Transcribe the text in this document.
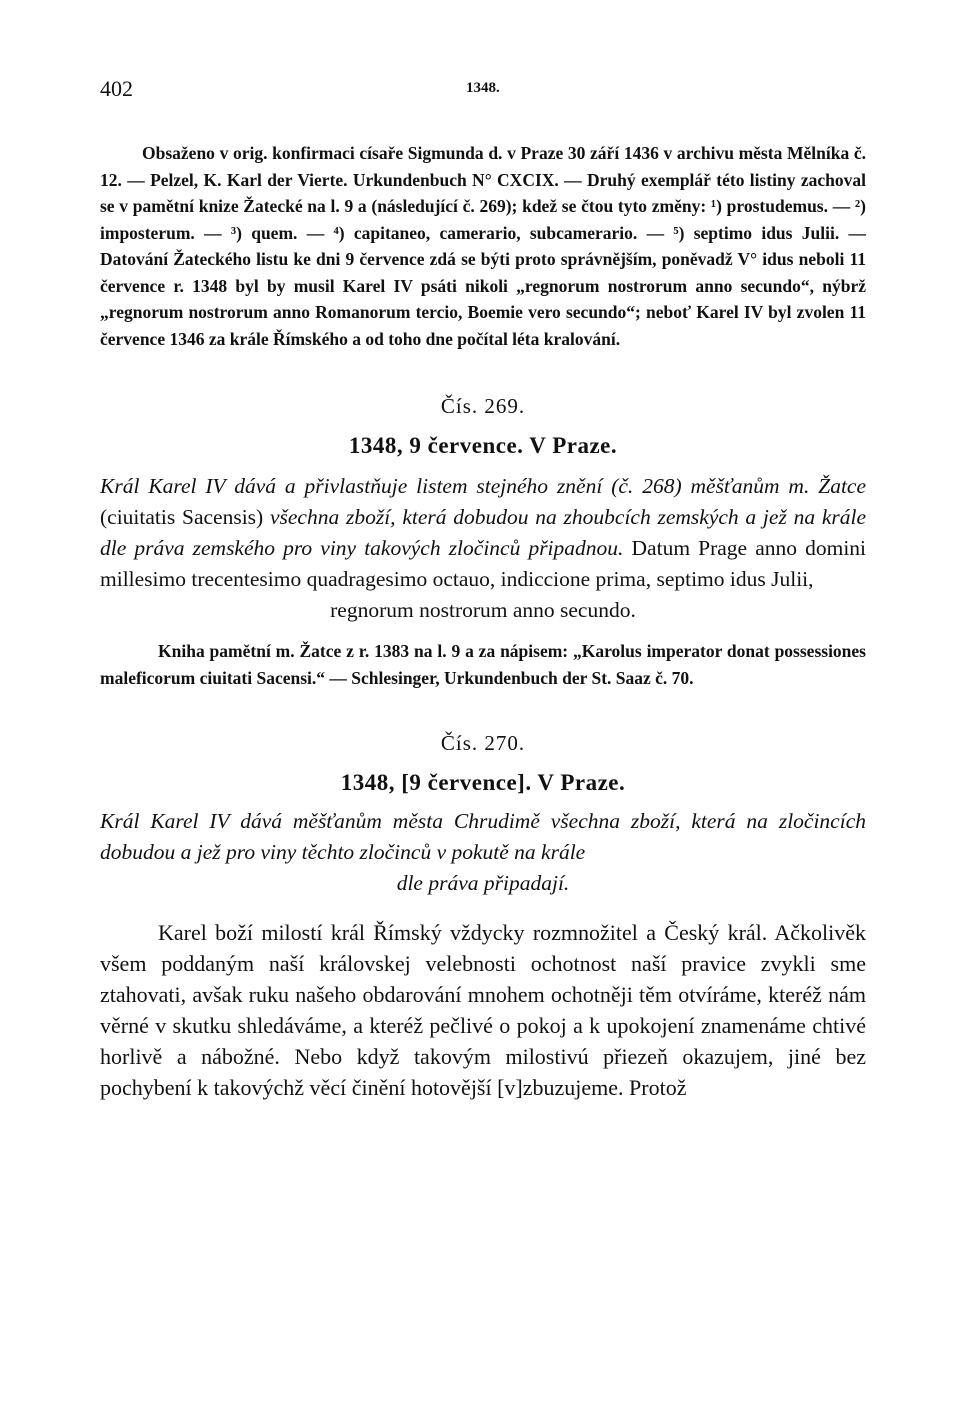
402	1348.

Obsaženo v orig. konfirmaci císaře Sigmunda d. v Praze 30 září 1436 v archivu města Mělníka č. 12. — Pelzel, K. Karl der Vierte. Urkundenbuch N° CXCIX. — Druhý exemplář této listiny zachoval se v pamětní knize Žatecké na l. 9 a (následující č. 269); kdež se čtou tyto změny: ¹) prostudemus. — ²) imposterum. — ³) quem. — ⁴) capitaneo, camerario, subcamerario. — ⁵) septimo idus Julii. — Datování Žateckého listu ke dni 9 července zdá se býti proto správnějším, poněvadž V° idus neboli 11 července r. 1348 byl by musil Karel IV psáti nikoli „regnorum nostrorum anno secundo“, nýbrž „regnorum nostrorum anno Romanorum tercio, Boemie vero secundo“; neboť Karel IV byl zvolen 11 července 1346 za krále Římského a od toho dne počítal léta kralování.

Čís. 269.

1348, 9 července. V Praze.

Král Karel IV dává a přivlastňuje listem stejného znění (č. 268) měšťanům m. Žatce (ciuitatis Sacensis) všechna zboží, která dobudou na zhoubcích zemských a jež na krále dle práva zemského pro viny takových zločinců připadnou. Datum Prage anno domini millesimo trecentesimo quadragesimo octauo, indiccione prima, septimo idus Julii,
regnorum nostrorum anno secundo.

Kniha pamětní m. Žatce z r. 1383 na l. 9 a za nápisem: „Karolus imperator donat possessiones maleficorum ciuitati Sacensi.“ — Schlesinger, Urkundenbuch der St. Saaz č. 70.

Čís. 270.

1348, [9 července]. V Praze.

Král Karel IV dává měšťanům města Chrudimě všechna zboží, která na zločincích dobudou a jež pro viny těchto zločinců v pokutě na krále
dle práva připadají.

Karel boží milostí král Římský vždycky rozmnožitel a Český král. Ačkolivěk všem poddaným naší královskej velebnosti ochotnost naší pravice zvykli sme ztahovati, avšak ruku našeho obdarování mnohem ochotněji těm otvíráme, kteréž nám věrné v skutku shledáváme, a kteréž pečlivé o pokoj a k upokojení znamenáme chtivé horlivě a nábožné. Nebo když takovým milostivú přiezeň okazujem, jiné bez pochybení k takovýchž věcí činění hotovější [v]zbuzujeme. Protož
